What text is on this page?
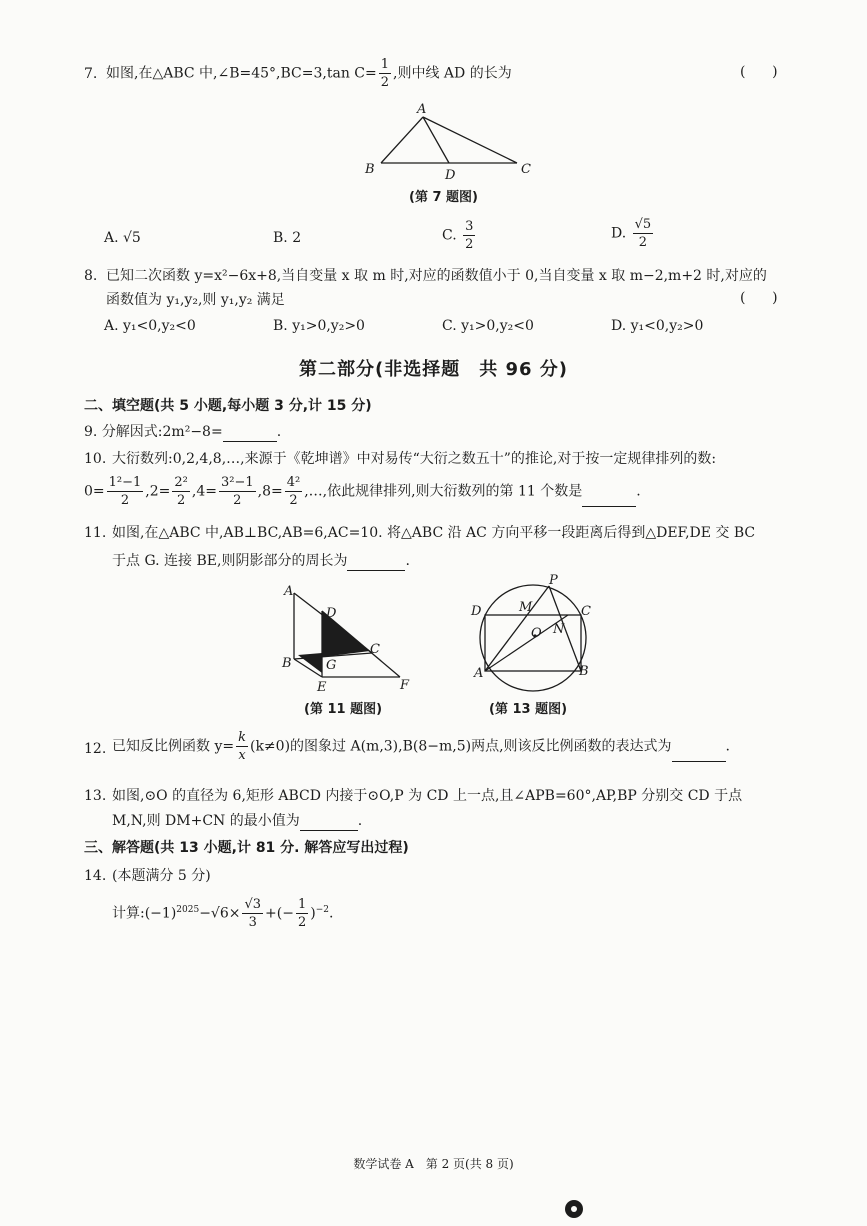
7. 如图,在△ABC 中,∠B=45°,BC=3,tan $C= \frac{1}{2}$ ,则中线 AD 的长为	(      )
A
B	D	C
(第 7 题图)
A. √5	B. 2	C. $\frac{3}{2}$	D. $\frac{√5}{2}$
8. 已知二次函数 y=x²−6x+8,当自变量 x 取 m 时,对应的函数值小于 0,当自变量 x 取 m−2,m+2 时,对应的
函数值为 y₁,y₂,则 y₁,y₂ 满足	(      )
A. y₁<0,y₂<0	B. y₁>0,y₂>0	C. y₁>0,y₂<0	D. y₁<0,y₂>0
第二部分(非选择题　共 96 分)
二、填空题(共 5 小题,每小题 3 分,计 15 分)
9. 分解因式:2m²−8=	.
10. 大衍数列:0,2,4,8,…,来源于《乾坤谱》中对易传“大衍之数五十”的推论,对于按一定规律排列的数:
$0= \frac{\text{1²−1}}{2} ,2= \frac{\text{2²}}{2} ,4= \frac{\text{3²−1}}{2} ,8= \frac{\text{4²}}{2}$ ,…,依此规律排列,则大衍数列的第 11 个数是	.
11. 如图,在△ABC 中,AB⊥BC,AB=6,AC=10. 将△ABC 沿 AC 方向平移一段距离后得到△DEF,DE 交 BC
于点 G. 连接 BE,则阴影部分的周长为	.
A
D
C
B	G
E	F
(第 11 题图)
P
M
D	C
O N
A	B
(第 13 题图)
12. 已知反比例函数 $y= \frac{k}{x} (k\ne 0)$的图象过 A(m,3),B(8−m,5)两点,则该反比例函数的表达式为	.
13. 如图,⊙O 的直径为 6,矩形 ABCD 内接于⊙O,P 为 CD 上一点,且∠APB=60°,AP,BP 分别交 CD 于点
M,N,则 DM+CN 的最小值为	.
三、解答题(共 13 小题,计 81 分. 解答应写出过程)
14. (本题满分 5 分)
计算$:(-1)^{2025}-√6\times \frac{√3}{3}$ +(− $\frac{1}{2} )^{-2}$.
数学试卷 A　第 2 页(共 8 页)
